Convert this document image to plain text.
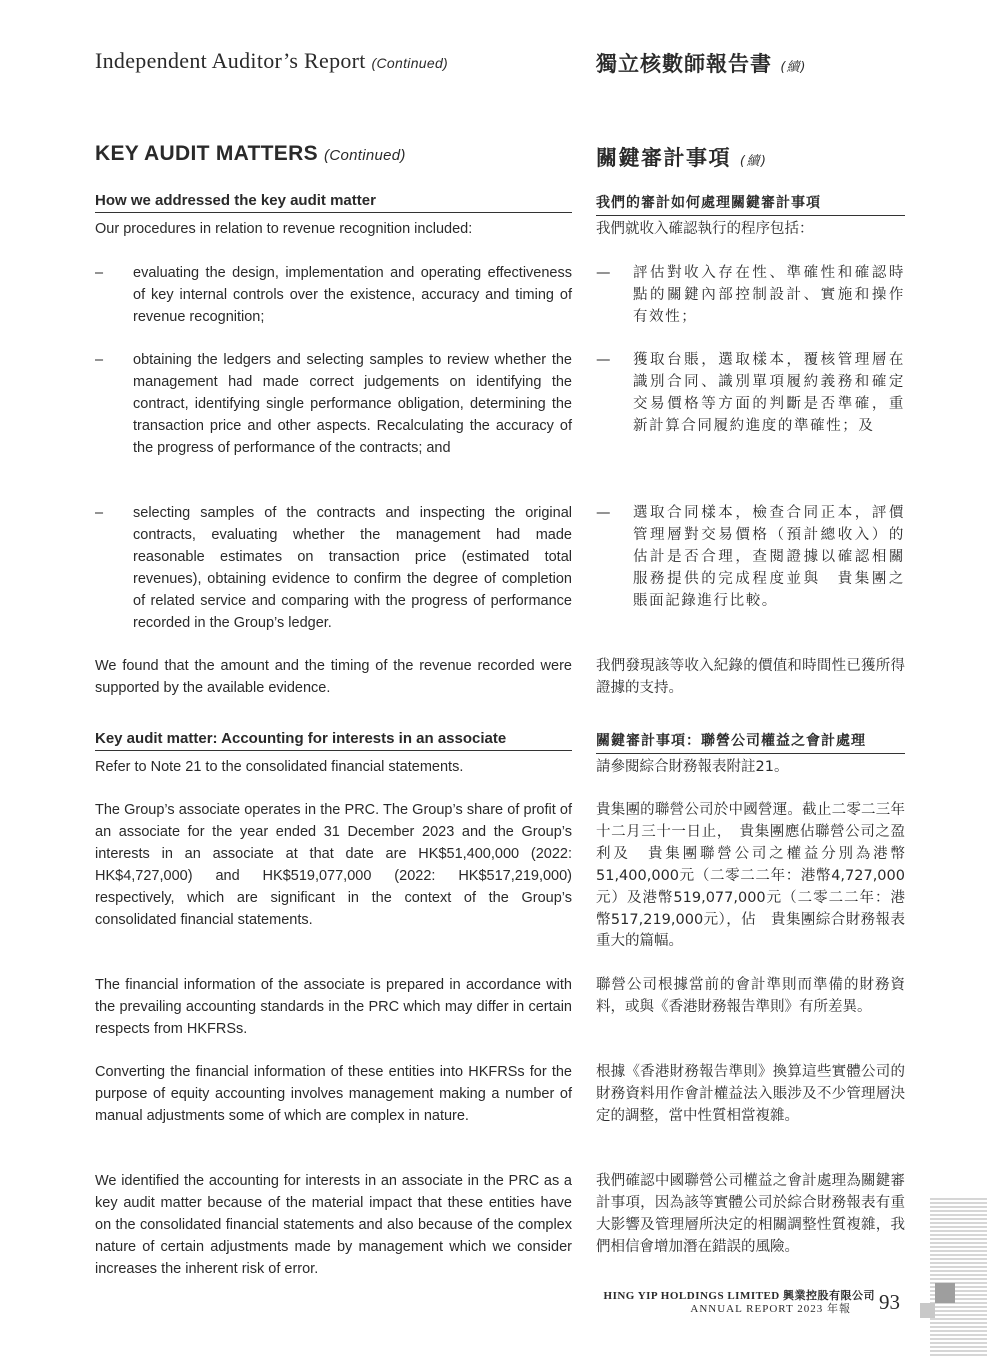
Independent Auditor’s Report (Continued)	獨立核數師報告書 (續)
KEY AUDIT MATTERS (Continued)	關鍵審計事項 (續)
How we addressed the key audit matter	我們的審計如何處理關鍵審計事項
Our procedures in relation to revenue recognition included:	我們就收入確認執行的程序包括：
– evaluating the design, implementation and operating effectiveness of key internal controls over the existence, accuracy and timing of revenue recognition;
— 評估對收入存在性、準確性和確認時點的關鍵內部控制設計、實施和操作有效性；
– obtaining the ledgers and selecting samples to review whether the management had made correct judgements on identifying the contract, identifying single performance obligation, determining the transaction price and other aspects. Recalculating the accuracy of the progress of performance of the contracts; and
— 獲取台賬，選取樣本，覆核管理層在識別合同、識別單項履約義務和確定交易價格等方面的判斷是否準確，重新計算合同履約進度的準確性；及
– selecting samples of the contracts and inspecting the original contracts, evaluating whether the management had made reasonable estimates on transaction price (estimated total revenues), obtaining evidence to confirm the degree of completion of related service and comparing with the progress of performance recorded in the Group’s ledger.
— 選取合同樣本，檢查合同正本，評價管理層對交易價格（預計總收入）的估計是否合理，查閱證據以確認相關服務提供的完成程度並與　貴集團之賬面記錄進行比較。
We found that the amount and the timing of the revenue recorded were supported by the available evidence.
我們發現該等收入紀錄的價值和時間性已獲所得證據的支持。
Key audit matter: Accounting for interests in an associate	關鍵審計事項：聯營公司權益之會計處理
Refer to Note 21 to the consolidated financial statements.	請參閱綜合財務報表附註21。
The Group’s associate operates in the PRC. The Group’s share of profit of an associate for the year ended 31 December 2023 and the Group’s interests in an associate at that date are HK$51,400,000 (2022: HK$4,727,000) and HK$519,077,000 (2022: HK$517,219,000) respectively, which are significant in the context of the Group’s consolidated financial statements.
貴集團的聯營公司於中國營運。截止二零二三年十二月三十一日止，　貴集團應佔聯營公司之盈利及　貴集團聯營公司之權益分別為港幣51,400,000元（二零二二年：港幣4,727,000元）及港幣519,077,000元（二零二二年：港幣517,219,000元），佔　貴集團綜合財務報表重大的篇幅。
The financial information of the associate is prepared in accordance with the prevailing accounting standards in the PRC which may differ in certain respects from HKFRSs.
聯營公司根據當前的會計準則而準備的財務資料，或與《香港財務報告準則》有所差異。
Converting the financial information of these entities into HKFRSs for the purpose of equity accounting involves management making a number of manual adjustments some of which are complex in nature.
根據《香港財務報告準則》換算這些實體公司的財務資料用作會計權益法入賬涉及不少管理層決定的調整，當中性質相當複雜。
We identified the accounting for interests in an associate in the PRC as a key audit matter because of the material impact that these entities have on the consolidated financial statements and also because of the complex nature of certain adjustments made by management which we consider increases the inherent risk of error.
我們確認中國聯營公司權益之會計處理為關鍵審計事項，因為該等實體公司於綜合財務報表有重大影響及管理層所決定的相關調整性質複雜，我們相信會增加潛在錯誤的風險。
HING YIP HOLDINGS LIMITED 興業控股有限公司
ANNUAL REPORT 2023 年報 93
